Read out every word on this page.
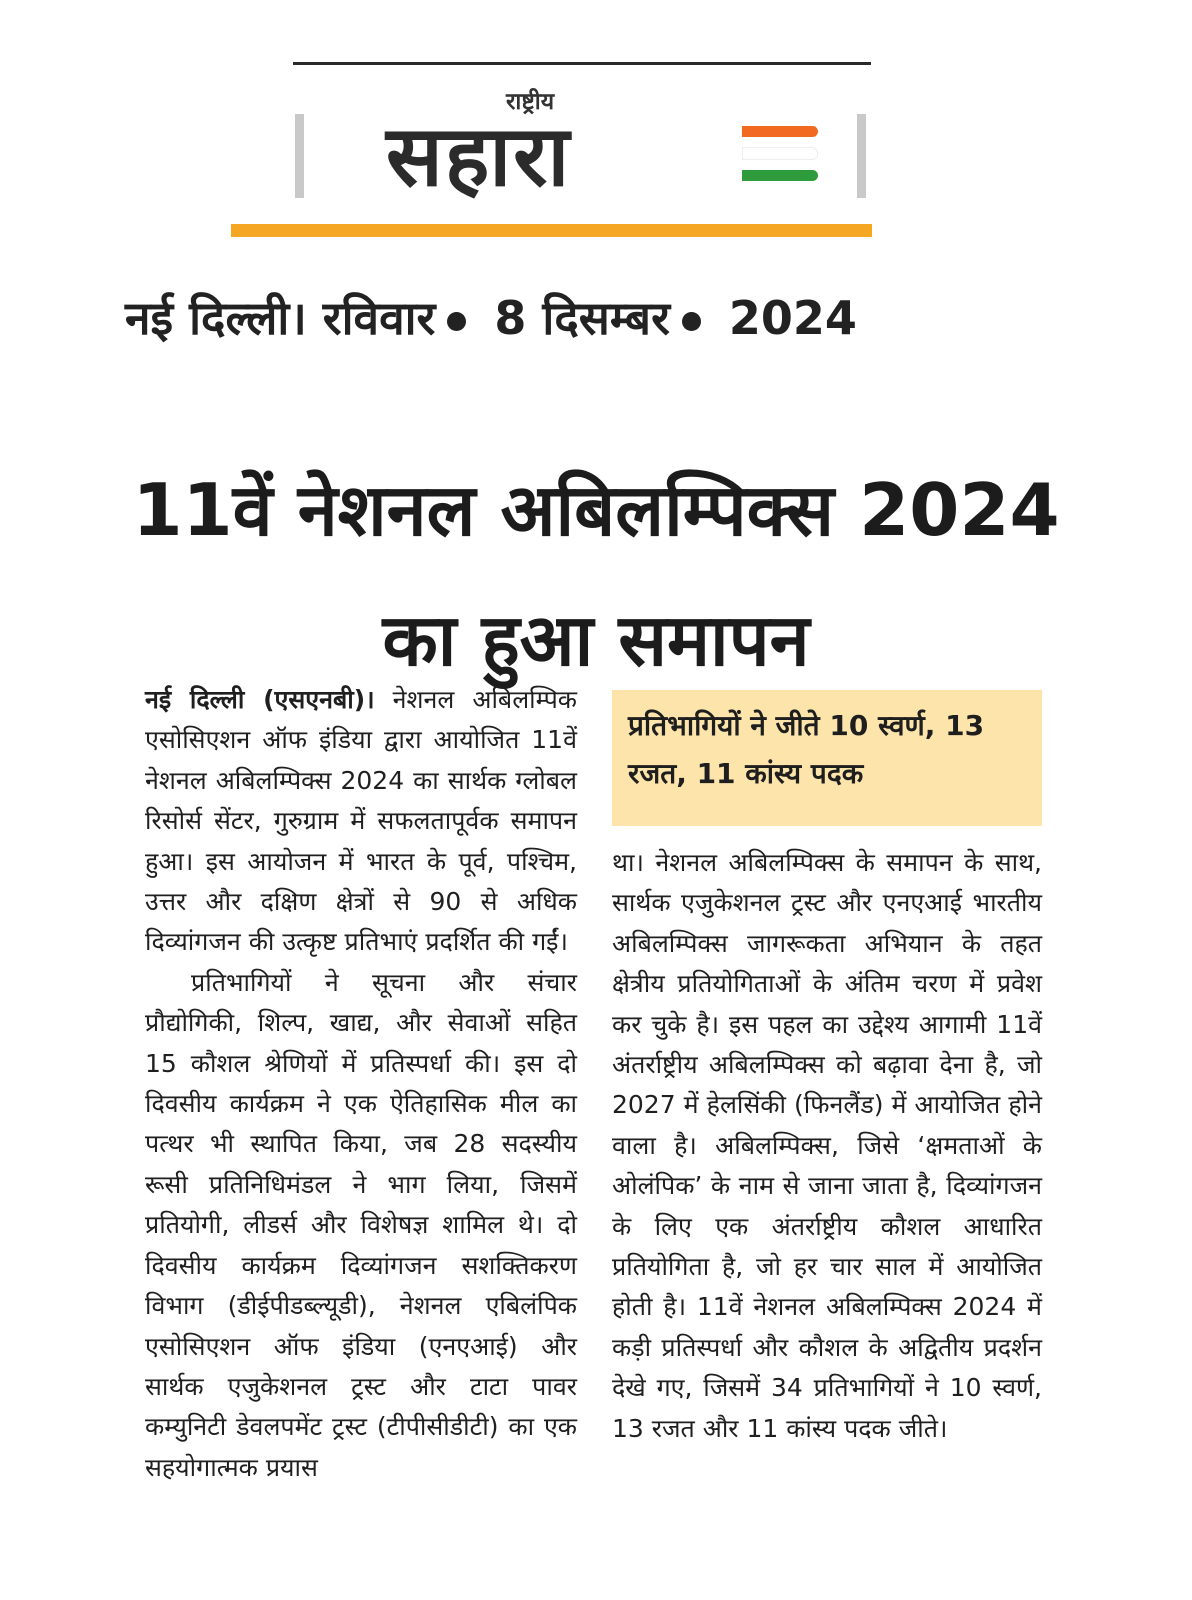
राष्ट्रीय
सहारा
नई दिल्ली। रविवार 8 दिसम्बर 2024
11वें नेशनल अबिलम्पिक्स 2024 का हुआ समापन

नई दिल्ली (एसएनबी)। नेशनल अबिलम्पिक एसोसिएशन ऑफ इंडिया द्वारा आयोजित 11वें नेशनल अबिलम्पिक्स 2024 का सार्थक ग्लोबल रिसोर्स सेंटर, गुरुग्राम में सफलतापूर्वक समापन हुआ। इस आयोजन में भारत के पूर्व, पश्चिम, उत्तर और दक्षिण क्षेत्रों से 90 से अधिक दिव्यांगजन की उत्कृष्ट प्रतिभाएं प्रदर्शित की गईं।

प्रतिभागियों ने सूचना और संचार प्रौद्योगिकी, शिल्प, खाद्य, और सेवाओं सहित 15 कौशल श्रेणियों में प्रतिस्पर्धा की। इस दो दिवसीय कार्यक्रम ने एक ऐतिहासिक मील का पत्थर भी स्थापित किया, जब 28 सदस्यीय रूसी प्रतिनिधिमंडल ने भाग लिया, जिसमें प्रतियोगी, लीडर्स और विशेषज्ञ शामिल थे। दो दिवसीय कार्यक्रम दिव्यांगजन सशक्तिकरण विभाग (डीईपीडब्ल्यूडी), नेशनल एबिलंपिक एसोसिएशन ऑफ इंडिया (एनएआई) और सार्थक एजुकेशनल ट्रस्ट और टाटा पावर कम्युनिटी डेवलपमेंट ट्रस्ट (टीपीसीडीटी) का एक सहयोगात्मक प्रयास

प्रतिभागियों ने जीते 10 स्वर्ण, 13 रजत, 11 कांस्य पदक

था। नेशनल अबिलम्पिक्स के समापन के साथ, सार्थक एजुकेशनल ट्रस्ट और एनएआई भारतीय अबिलम्पिक्स जागरूकता अभियान के तहत क्षेत्रीय प्रतियोगिताओं के अंतिम चरण में प्रवेश कर चुके है। इस पहल का उद्देश्य आगामी 11वें अंतर्राष्ट्रीय अबिलम्पिक्स को बढ़ावा देना है, जो 2027 में हेलसिंकी (फिनलैंड) में आयोजित होने वाला है। अबिलम्पिक्स, जिसे ‘क्षमताओं के ओलंपिक’ के नाम से जाना जाता है, दिव्यांगजन के लिए एक अंतर्राष्ट्रीय कौशल आधारित प्रतियोगिता है, जो हर चार साल में आयोजित होती है। 11वें नेशनल अबिलम्पिक्स 2024 में कड़ी प्रतिस्पर्धा और कौशल के अद्वितीय प्रदर्शन देखे गए, जिसमें 34 प्रतिभागियों ने 10 स्वर्ण, 13 रजत और 11 कांस्य पदक जीते।
